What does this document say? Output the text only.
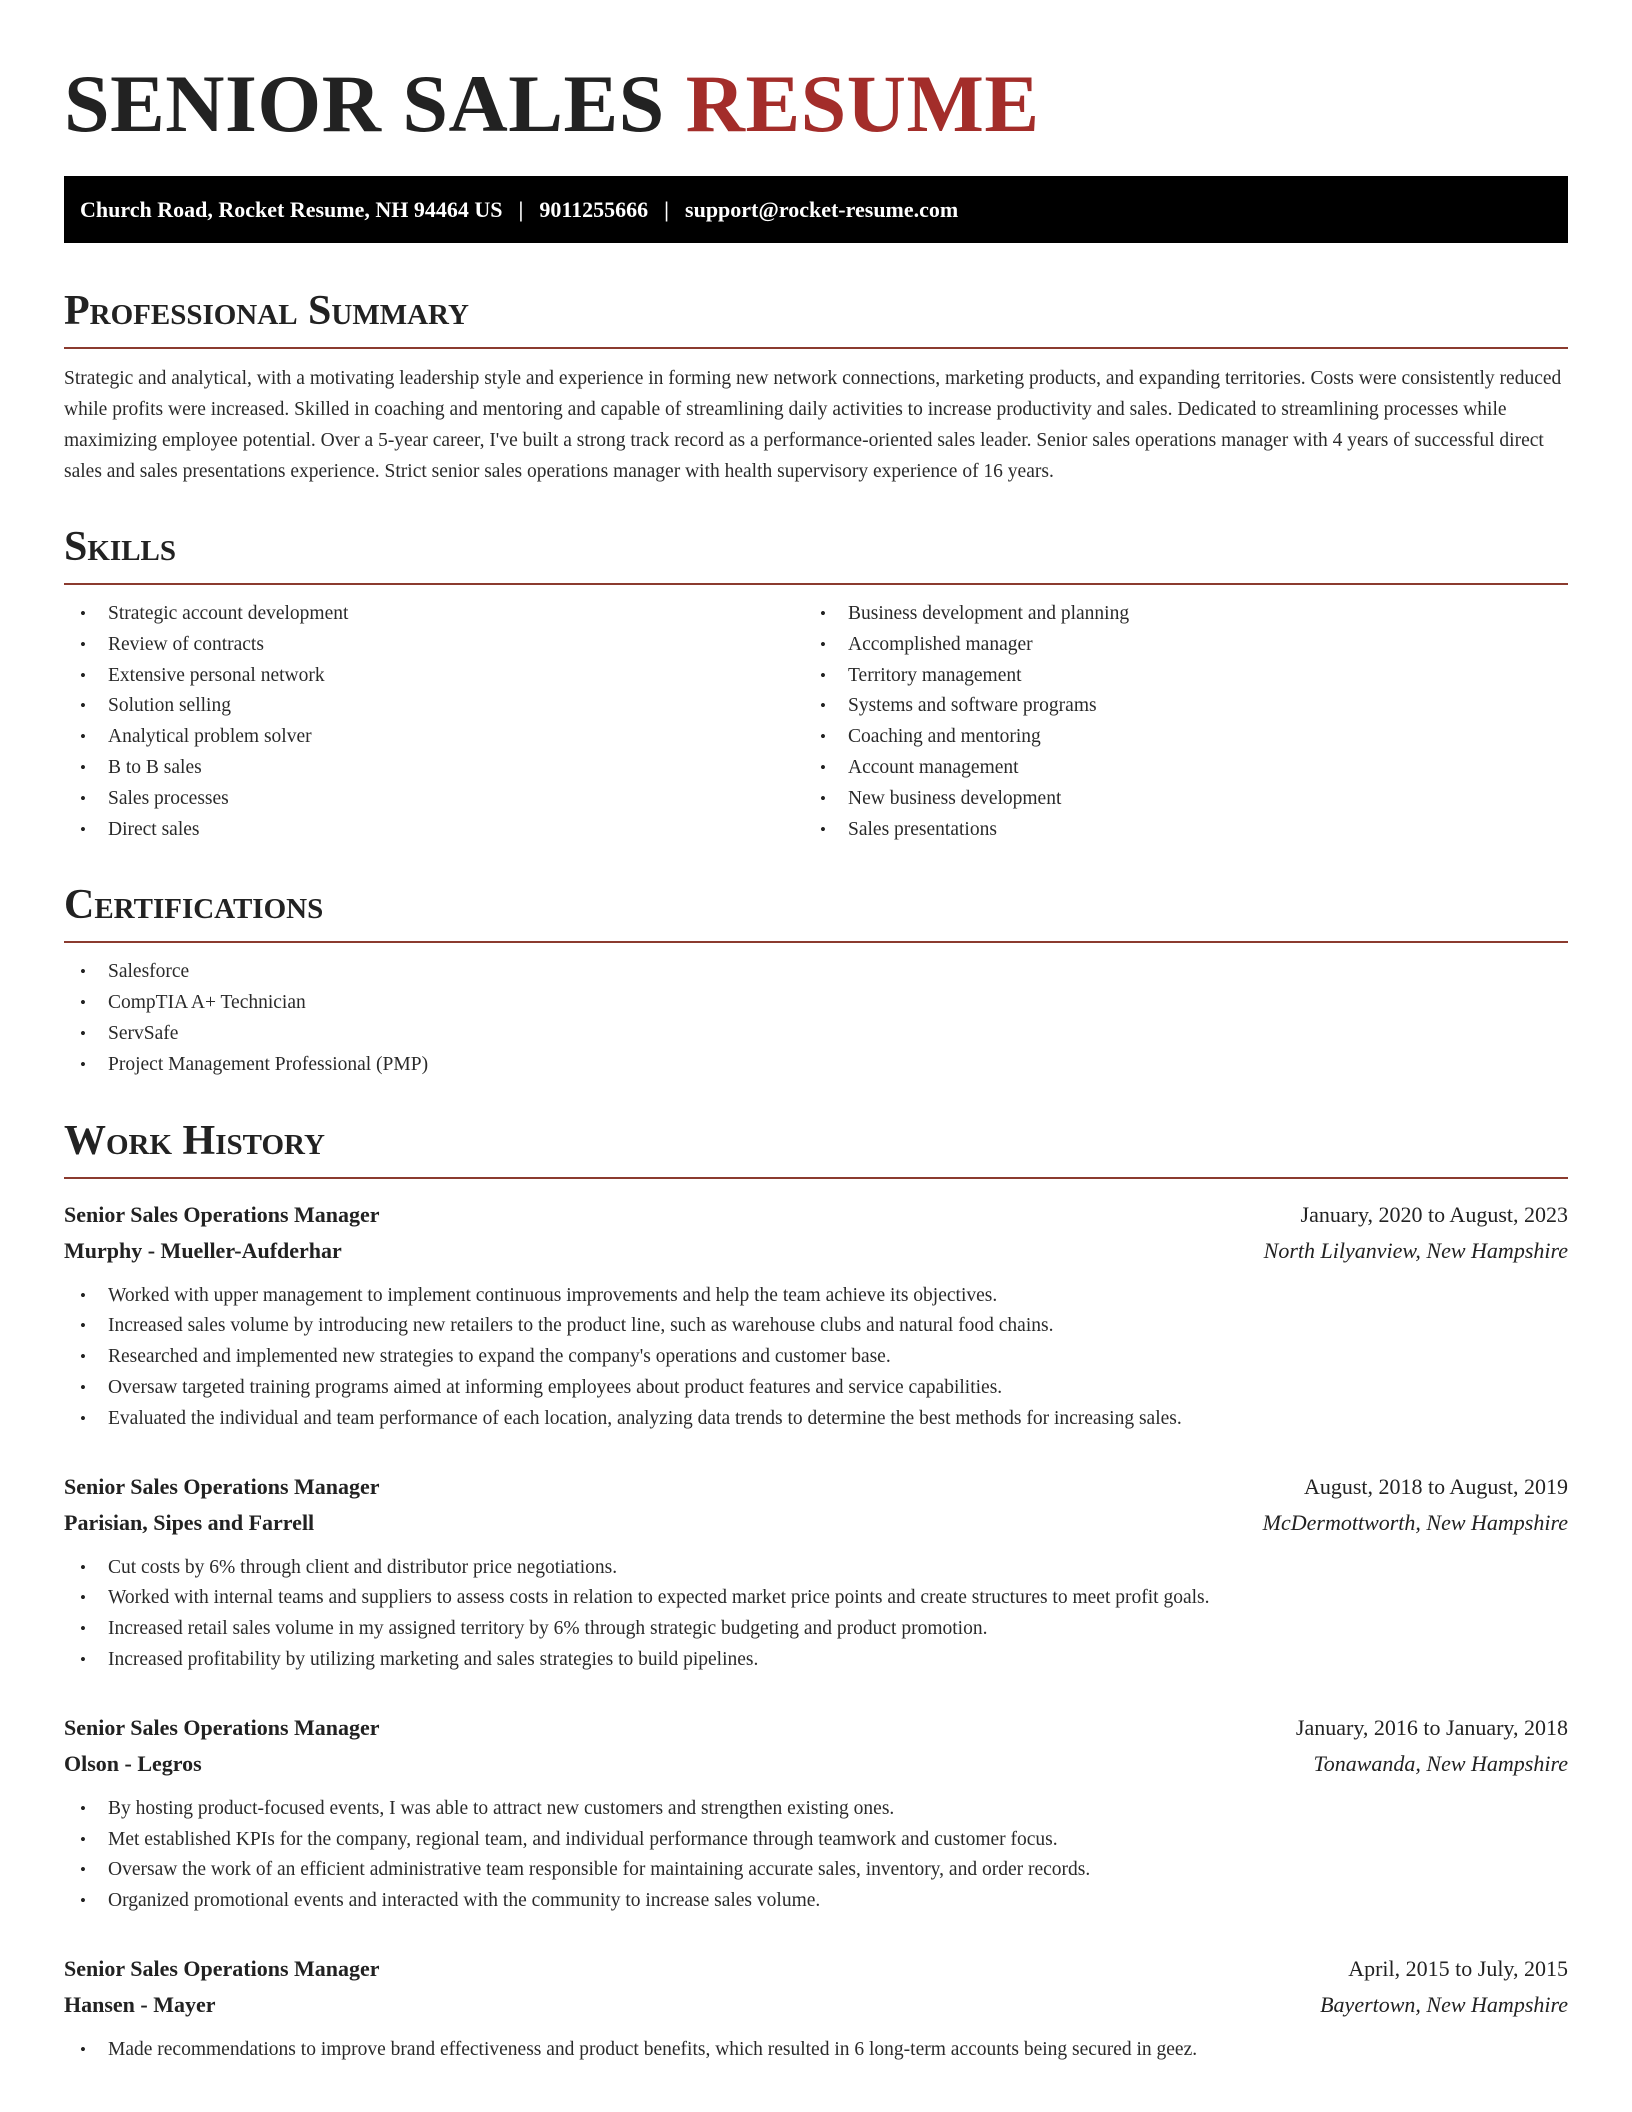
SENIOR SALES RESUME
Church Road, Rocket Resume, NH 94464 US | 9011255666 | support@rocket-resume.com
Professional Summary

Strategic and analytical, with a motivating leadership style and experience in forming new network connections, marketing products, and expanding territories. Costs were consistently reduced while profits were increased. Skilled in coaching and mentoring and capable of streamlining daily activities to increase productivity and sales. Dedicated to streamlining processes while maximizing employee potential. Over a 5-year career, I've built a strong track record as a performance-oriented sales leader. Senior sales operations manager with 4 years of successful direct sales and sales presentations experience. Strict senior sales operations manager with health supervisory experience of 16 years.

Skills
• Strategic account development
• Review of contracts
• Extensive personal network
• Solution selling
• Analytical problem solver
• B to B sales
• Sales processes
• Direct sales
• Business development and planning
• Accomplished manager
• Territory management
• Systems and software programs
• Coaching and mentoring
• Account management
• New business development
• Sales presentations
Certifications
• Salesforce
• CompTIA A+ Technician
• ServSafe
• Project Management Professional (PMP)
Work History
Senior Sales Operations Manager	January, 2020 to August, 2023
Murphy - Mueller-Aufderhar	North Lilyanview, New Hampshire
• Worked with upper management to implement continuous improvements and help the team achieve its objectives.
• Increased sales volume by introducing new retailers to the product line, such as warehouse clubs and natural food chains.
• Researched and implemented new strategies to expand the company's operations and customer base.
• Oversaw targeted training programs aimed at informing employees about product features and service capabilities.
• Evaluated the individual and team performance of each location, analyzing data trends to determine the best methods for increasing sales.
Senior Sales Operations Manager	August, 2018 to August, 2019
Parisian, Sipes and Farrell	McDermottworth, New Hampshire
• Cut costs by 6% through client and distributor price negotiations.
• Worked with internal teams and suppliers to assess costs in relation to expected market price points and create structures to meet profit goals.
• Increased retail sales volume in my assigned territory by 6% through strategic budgeting and product promotion.
• Increased profitability by utilizing marketing and sales strategies to build pipelines.
Senior Sales Operations Manager	January, 2016 to January, 2018
Olson - Legros	Tonawanda, New Hampshire
• By hosting product-focused events, I was able to attract new customers and strengthen existing ones.
• Met established KPIs for the company, regional team, and individual performance through teamwork and customer focus.
• Oversaw the work of an efficient administrative team responsible for maintaining accurate sales, inventory, and order records.
• Organized promotional events and interacted with the community to increase sales volume.
Senior Sales Operations Manager	April, 2015 to July, 2015
Hansen - Mayer	Bayertown, New Hampshire
• Made recommendations to improve brand effectiveness and product benefits, which resulted in 6 long-term accounts being secured in geez.
